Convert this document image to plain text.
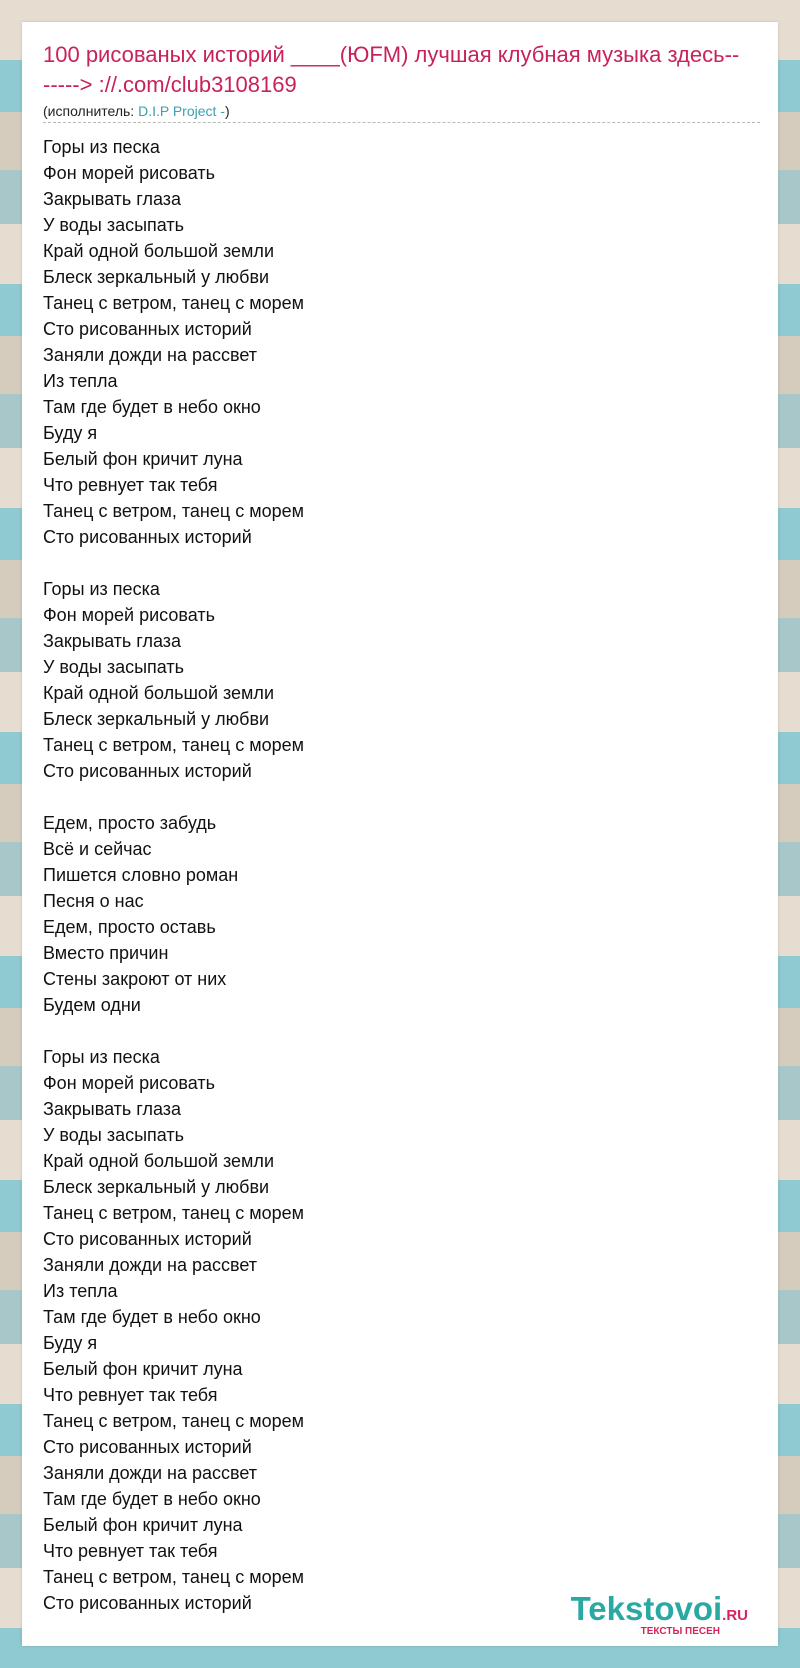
100 рисованых историй ____(ЮFM) лучшая клубная музыка здесь-------> ://.com/club3108169
(исполнитель: D.I.P Project -)
Горы из песка
Фон морей рисовать
Закрывать глаза
У воды засыпать
Край одной большой земли
Блеск зеркальный у любви
Танец с ветром, танец с морем
Сто рисованных историй
Заняли дожди на рассвет
Из тепла
Там где будет в небо окно
Буду я
Белый фон кричит луна
Что ревнует так тебя
Танец с ветром, танец с морем
Сто рисованных историй
Горы из песка
Фон морей рисовать
Закрывать глаза
У воды засыпать
Край одной большой земли
Блеск зеркальный у любви
Танец с ветром, танец с морем
Сто рисованных историй
Едем, просто забудь
Всё и сейчас
Пишется словно роман
Песня о нас
Едем, просто оставь
Вместо причин
Стены закроют от них
Будем одни
Горы из песка
Фон морей рисовать
Закрывать глаза
У воды засыпать
Край одной большой земли
Блеск зеркальный у любви
Танец с ветром, танец с морем
Сто рисованных историй
Заняли дожди на рассвет
Из тепла
Там где будет в небо окно
Буду я
Белый фон кричит луна
Что ревнует так тебя
Танец с ветром, танец с морем
Сто рисованных историй
Заняли дожди на рассвет
Там где будет в небо окно
Белый фон кричит луна
Что ревнует так тебя
Танец с ветром, танец с морем
Сто рисованных историй	Tekstovoi.RU
ТЕКСТЫ ПЕСЕН
